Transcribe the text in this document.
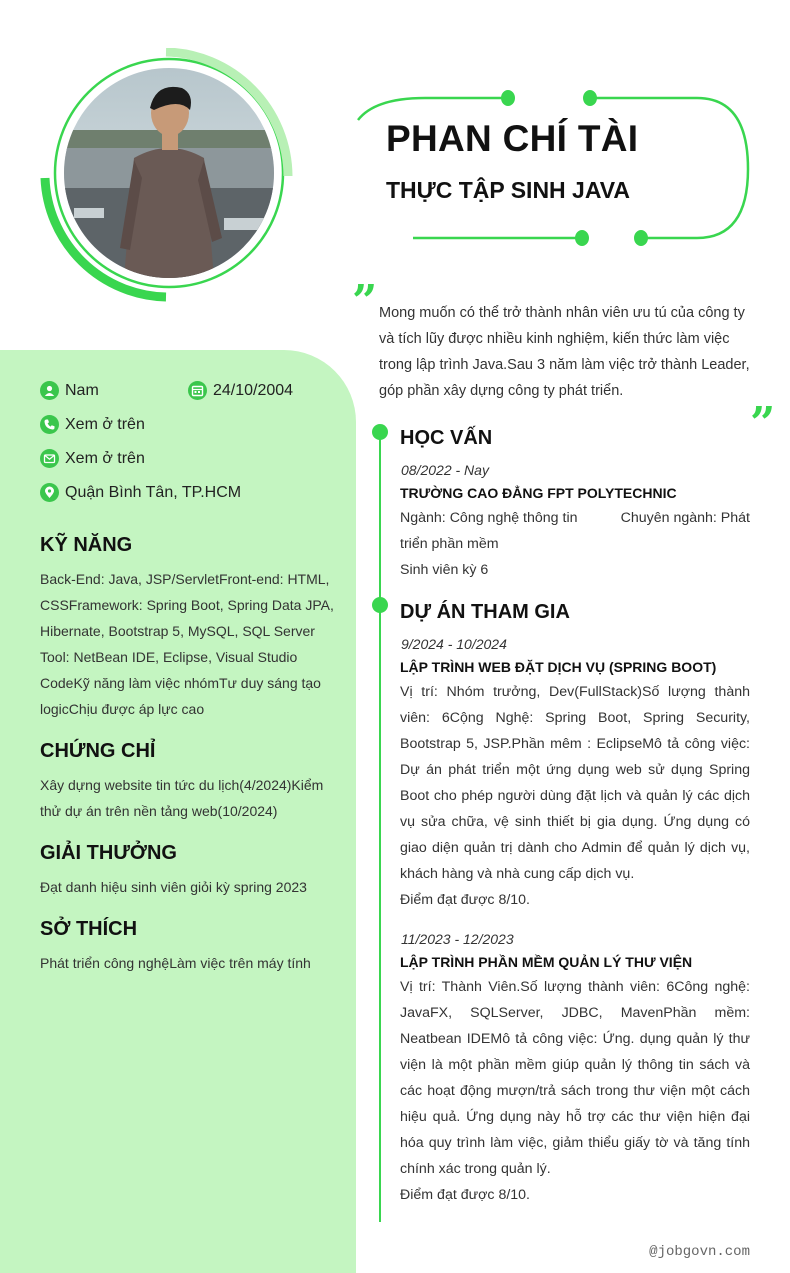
PHAN CHÍ TÀI
THỰC TẬP SINH JAVA
” Mong muốn có thể trở thành nhân viên ưu tú của công ty và tích lũy được nhiều kinh nghiệm, kiến thức làm việc trong lập trình Java.Sau 3 năm làm việc trở thành Leader, góp phần xây dựng công ty phát triển.
”
Nam	24/10/2004
Xem ở trên
Xem ở trên
Quận Bình Tân, TP.HCM
KỸ NĂNG
Back-End: Java, JSP/ServletFront-end: HTML, CSSFramework: Spring Boot, Spring Data JPA, Hibernate, Bootstrap 5, MySQL, SQL Server Tool: NetBean IDE, Eclipse, Visual Studio CodeKỹ năng làm việc nhómTư duy sáng tạo logicChịu được áp lực cao
CHỨNG CHỈ
Xây dựng website tin tức du lịch(4/2024)Kiểm thử dự án trên nền tảng web(10/2024)
GIẢI THƯỞNG
Đạt danh hiệu sinh viên giỏi kỳ spring 2023
SỞ THÍCH
Phát triển công nghệLàm việc trên máy tính
HỌC VẤN
08/2022 - Nay
TRƯỜNG CAO ĐẲNG FPT POLYTECHNIC
Ngành: Công nghệ thông tin	Chuyên ngành: Phát
triển phần mềm
Sinh viên kỳ 6
DỰ ÁN THAM GIA
9/2024 - 10/2024
LẬP TRÌNH WEB ĐẶT DỊCH VỤ (SPRING BOOT)
Vị trí: Nhóm trưởng, Dev(FullStack)Số lượng thành viên: 6Cộng Nghệ: Spring Boot, Spring Security, Bootstrap 5, JSP.Phần mêm : EclipseMô tả công việc: Dự án phát triển một ứng dụng web sử dụng Spring Boot cho phép người dùng đặt lịch và quản lý các dịch vụ sửa chữa, vệ sinh thiết bị gia dụng. Ứng dụng có giao diện quản trị dành cho Admin để quản lý dịch vụ, khách hàng và nhà cung cấp dịch vụ.
Điểm đạt được 8/10.
11/2023 - 12/2023
LẬP TRÌNH PHẦN MỀM QUẢN LÝ THƯ VIỆN
Vị trí: Thành Viên.Số lượng thành viên: 6Công nghệ: JavaFX, SQLServer, JDBC, MavenPhần mềm: Neatbean IDEMô tả công việc: Ứng. dụng quản lý thư viện là một phần mềm giúp quản lý thông tin sách và các hoạt động mượn/trả sách trong thư viện một cách hiệu quả. Ứng dụng này hỗ trợ các thư viện hiện đại hóa quy trình làm việc, giảm thiểu giấy tờ và tăng tính chính xác trong quản lý.
Điểm đạt được 8/10.
@jobgovn.com
